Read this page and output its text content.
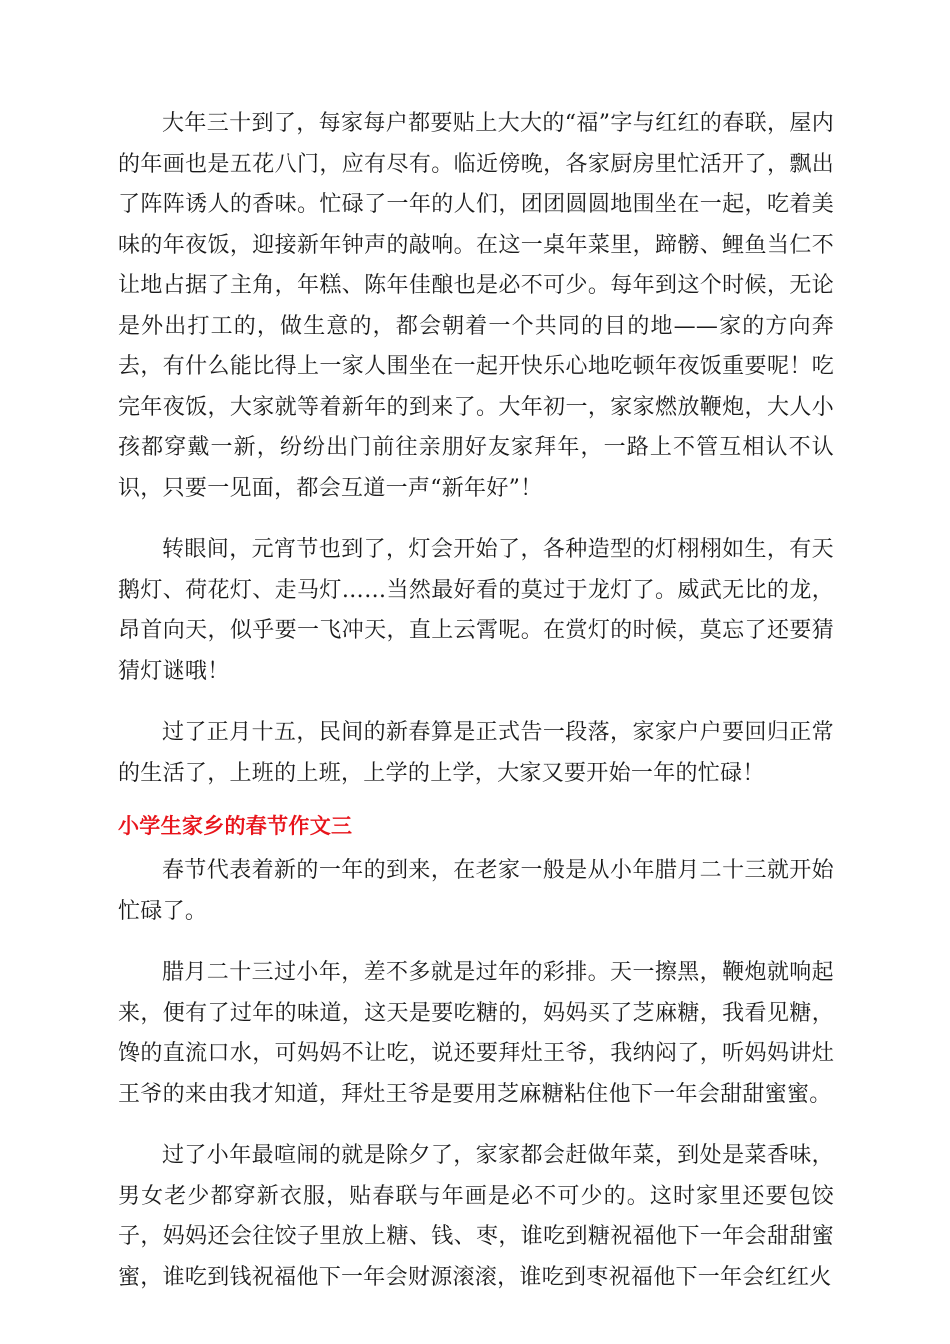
大年三十到了，每家每户都要贴上大大的“福”字与红红的春联，屋内的年画也是五花八门，应有尽有。临近傍晚，各家厨房里忙活开了，飘出了阵阵诱人的香味。忙碌了一年的人们，团团圆圆地围坐在一起，吃着美味的年夜饭，迎接新年钟声的敲响。在这一桌年菜里，蹄髈、鲤鱼当仁不让地占据了主角，年糕、陈年佳酿也是必不可少。每年到这个时候，无论是外出打工的，做生意的，都会朝着一个共同的目的地——家的方向奔去，有什么能比得上一家人围坐在一起开快乐心地吃顿年夜饭重要呢！吃完年夜饭，大家就等着新年的到来了。大年初一，家家燃放鞭炮，大人小孩都穿戴一新，纷纷出门前往亲朋好友家拜年，一路上不管互相认不认识，只要一见面，都会互道一声“新年好”！

转眼间，元宵节也到了，灯会开始了，各种造型的灯栩栩如生，有天鹅灯、荷花灯、走马灯……当然最好看的莫过于龙灯了。威武无比的龙，昂首向天，似乎要一飞冲天，直上云霄呢。在赏灯的时候，莫忘了还要猜猜灯谜哦！

过了正月十五，民间的新春算是正式告一段落，家家户户要回归正常的生活了，上班的上班，上学的上学，大家又要开始一年的忙碌！

小学生家乡的春节作文三

春节代表着新的一年的到来，在老家一般是从小年腊月二十三就开始忙碌了。

腊月二十三过小年，差不多就是过年的彩排。天一擦黑，鞭炮就响起来，便有了过年的味道，这天是要吃糖的，妈妈买了芝麻糖，我看见糖，馋的直流口水，可妈妈不让吃，说还要拜灶王爷，我纳闷了，听妈妈讲灶王爷的来由我才知道，拜灶王爷是要用芝麻糖粘住他下一年会甜甜蜜蜜。

过了小年最喧闹的就是除夕了，家家都会赶做年菜，到处是菜香味，男女老少都穿新衣服，贴春联与年画是必不可少的。这时家里还要包饺子，妈妈还会往饺子里放上糖、钱、枣，谁吃到糖祝福他下一年会甜甜蜜蜜，谁吃到钱祝福他下一年会财源滚滚，谁吃到枣祝福他下一年会红红火
